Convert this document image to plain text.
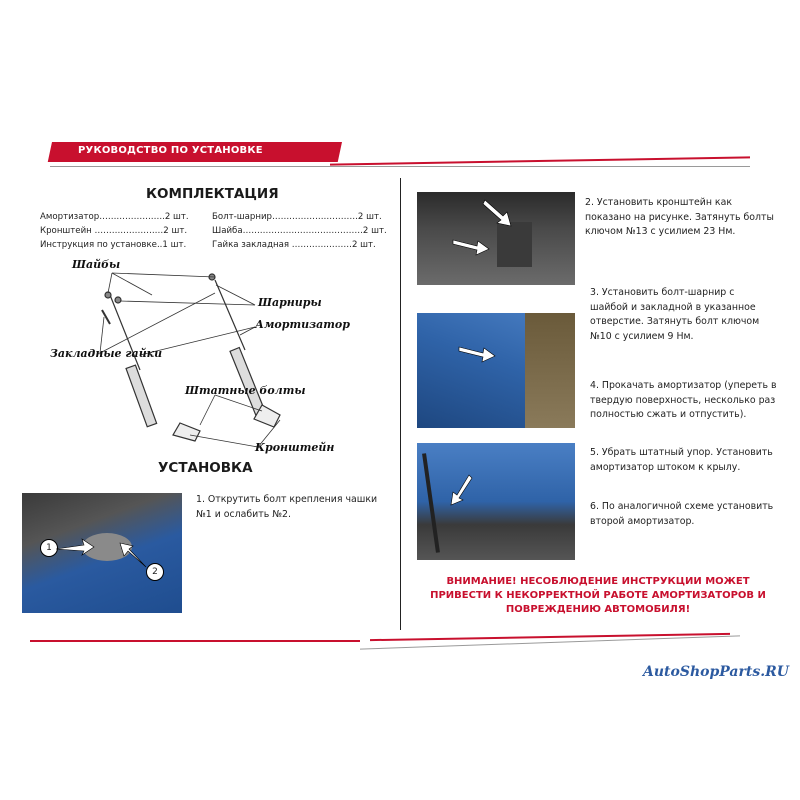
РУКОВОДСТВО ПО УСТАНОВКЕ
КОМПЛЕКТАЦИЯ
Амортизатор…………………..2 шт.
Кронштейн ……………………2 шт.
Инструкция по установке..1 шт.
Болт-шарнир…………………………2 шт.
Шайба……………………………………2 шт.
Гайка закладная …………………2 шт.
Шайбы
Шарниры
Амортизатор
Закладные гайки
Штатные болты
Кронштейн
УСТАНОВКА
1
2
1. Открутить болт крепления чашки №1 и ослабить №2.
2. Установить кронштейн как показано на рисунке. Затянуть болты ключом №13 с усилием 23 Нм.
3. Установить болт-шарнир с шайбой и закладной в указанное отверстие. Затянуть болт ключом №10 с усилием 9 Нм.
4. Прокачать амортизатор (упереть в твердую поверхность, несколько раз полностью сжать и отпустить).
5. Убрать штатный упор. Установить амортизатор штоком к крылу.
6. По аналогичной схеме установить второй амортизатор.
ВНИМАНИЕ! НЕСОБЛЮДЕНИЕ ИНСТРУКЦИИ МОЖЕТ ПРИВЕСТИ К НЕКОРРЕКТНОЙ РАБОТЕ АМОРТИЗАТОРОВ И ПОВРЕЖДЕНИЮ АВТОМОБИЛЯ!
AutoShopParts.RU
